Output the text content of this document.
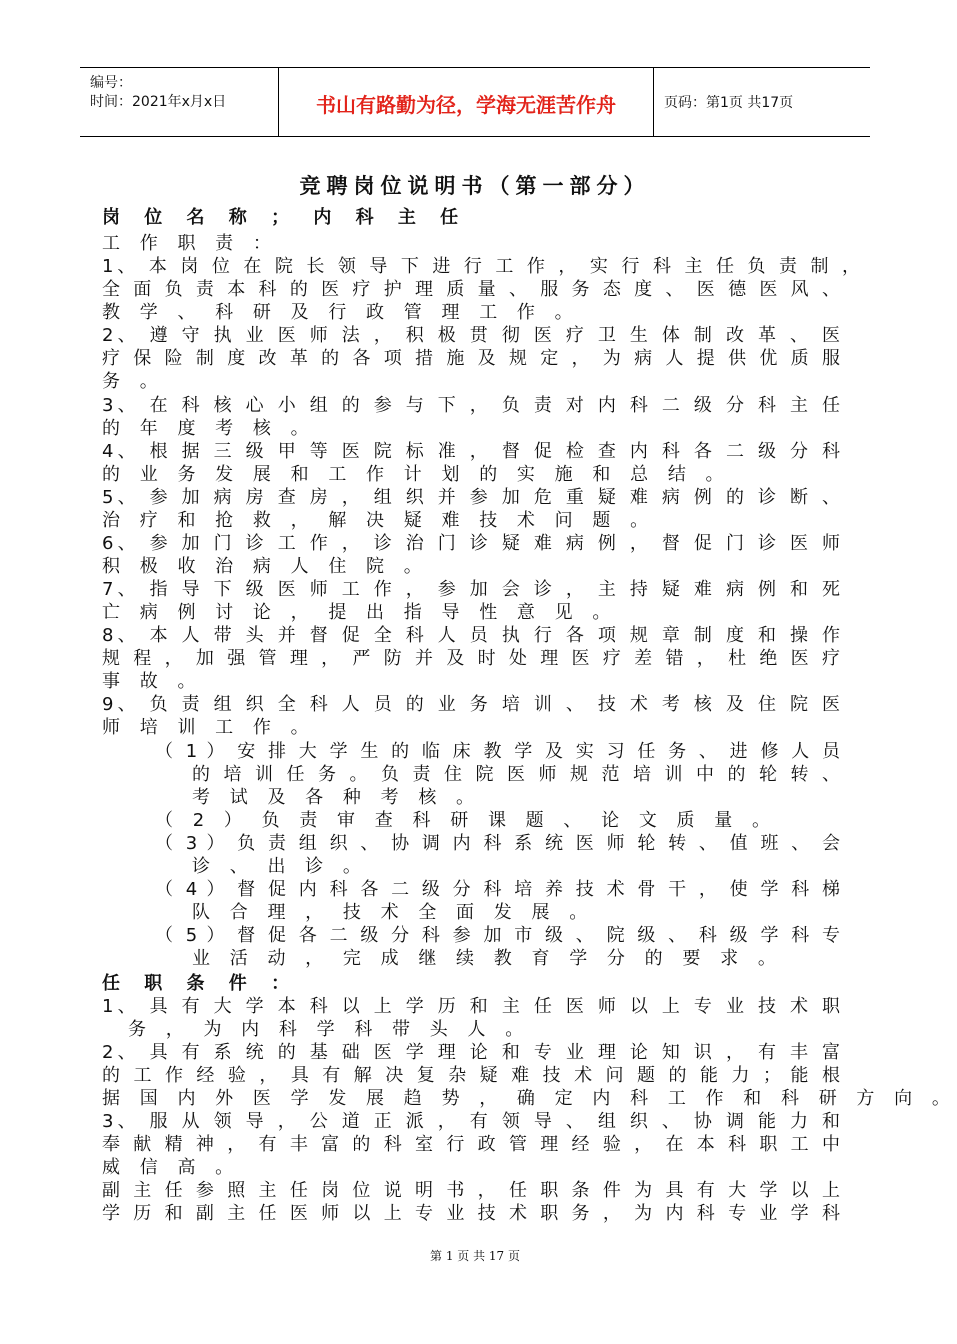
编号：
时间：2021年x月x日	书山有路勤为径，学海无涯苦作舟	页码：第1页 共17页
竞聘岗位说明书（第一部分）
岗 位 名 称 ； 内 科 主 任
工 作 职 责 ：
1、 本 岗 位 在 院 长 领 导 下 进 行 工 作 ， 实 行 科 主 任 负 责 制 ，
全 面 负 责 本 科 的 医 疗 护 理 质 量 、 服 务 态 度 、 医 德 医 风 、
教 学 、 科 研 及 行 政 管 理 工 作 。
2、 遵 守 执 业 医 师 法 ， 积 极 贯 彻 医 疗 卫 生 体 制 改 革 、 医
疗 保 险 制 度 改 革 的 各 项 措 施 及 规 定 ， 为 病 人 提 供 优 质 服
务 。
3、 在 科 核 心 小 组 的 参 与 下 ， 负 责 对 内 科 二 级 分 科 主 任
的 年 度 考 核 。
4、 根 据 三 级 甲 等 医 院 标 准 ， 督 促 检 查 内 科 各 二 级 分 科
的 业 务 发 展 和 工 作 计 划 的 实 施 和 总 结 。
5、 参 加 病 房 查 房 ， 组 织 并 参 加 危 重 疑 难 病 例 的 诊 断 、
治 疗 和 抢 救 ， 解 决 疑 难 技 术 问 题 。
6、 参 加 门 诊 工 作 ， 诊 治 门 诊 疑 难 病 例 ， 督 促 门 诊 医 师
积 极 收 治 病 人 住 院 。
7、 指 导 下 级 医 师 工 作 ， 参 加 会 诊 ， 主 持 疑 难 病 例 和 死
亡 病 例 讨 论 ， 提 出 指 导 性 意 见 。
8、 本 人 带 头 并 督 促 全 科 人 员 执 行 各 项 规 章 制 度 和 操 作
规 程 ， 加 强 管 理 ， 严 防 并 及 时 处 理 医 疗 差 错 ， 杜 绝 医 疗
事 故 。
9、 负 责 组 织 全 科 人 员 的 业 务 培 训 、 技 术 考 核 及 住 院 医
师 培 训 工 作 。
（ 1 ） 安 排 大 学 生 的 临 床 教 学 及 实 习 任 务 、 进 修 人 员
的 培 训 任 务 。 负 责 住 院 医 师 规 范 培 训 中 的 轮 转 、
考 试 及 各 种 考 核 。
（ 2 ） 负 责 审 查 科 研 课 题 、 论 文 质 量 。
（ 3 ） 负 责 组 织 、 协 调 内 科 系 统 医 师 轮 转 、 值 班 、 会
诊 、 出 诊 。
（ 4 ） 督 促 内 科 各 二 级 分 科 培 养 技 术 骨 干 ， 使 学 科 梯
队 合 理 ， 技 术 全 面 发 展 。
（ 5 ） 督 促 各 二 级 分 科 参 加 市 级 、 院 级 、 科 级 学 科 专
业 活 动 ， 完 成 继 续 教 育 学 分 的 要 求 。
任 职 条 件 ：
1、 具 有 大 学 本 科 以 上 学 历 和 主 任 医 师 以 上 专 业 技 术 职
务 ， 为 内 科 学 科 带 头 人 。
2、 具 有 系 统 的 基 础 医 学 理 论 和 专 业 理 论 知 识 ， 有 丰 富
的 工 作 经 验 ， 具 有 解 决 复 杂 疑 难 技 术 问 题 的 能 力 ； 能 根
据 国 内 外 医 学 发 展 趋 势 ， 确 定 内 科 工 作 和 科 研 方 向 。
3、 服 从 领 导 ， 公 道 正 派 ， 有 领 导 、 组 织 、 协 调 能 力 和
奉 献 精 神 ， 有 丰 富 的 科 室 行 政 管 理 经 验 ， 在 本 科 职 工 中
威 信 高 。
副 主 任 参 照 主 任 岗 位 说 明 书 ， 任 职 条 件 为 具 有 大 学 以 上
学 历 和 副 主 任 医 师 以 上 专 业 技 术 职 务 ， 为 内 科 专 业 学 科
第 1 页 共 17 页
